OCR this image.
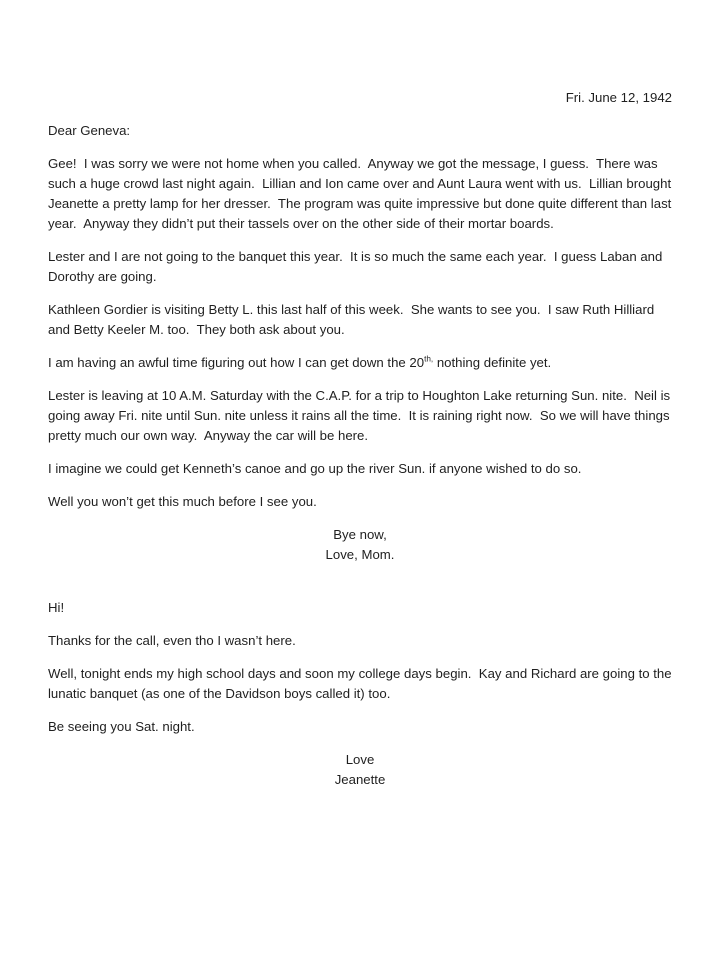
Fri. June 12, 1942

Dear Geneva:

Gee!  I was sorry we were not home when you called.  Anyway we got the message, I guess.  There was such a huge crowd last night again.  Lillian and Ion came over and Aunt Laura went with us.  Lillian brought Jeanette a pretty lamp for her dresser.  The program was quite impressive but done quite different than last year.  Anyway they didn’t put their tassels over on the other side of their mortar boards.

Lester and I are not going to the banquet this year.  It is so much the same each year.  I guess Laban and Dorothy are going.

Kathleen Gordier is visiting Betty L. this last half of this week.  She wants to see you.  I saw Ruth Hilliard and Betty Keeler M. too.  They both ask about you.

I am having an awful time figuring out how I can get down the $20^{th,}$ nothing definite yet.

Lester is leaving at 10 A.M. Saturday with the C.A.P. for a trip to Houghton Lake returning Sun. nite.  Neil is going away Fri. nite until Sun. nite unless it rains all the time.  It is raining right now.  So we will have things pretty much our own way.  Anyway the car will be here.

I imagine we could get Kenneth’s canoe and go up the river Sun. if anyone wished to do so.

Well you won’t get this much before I see you.

Bye now,
Love, Mom.

Hi!

Thanks for the call, even tho I wasn’t here.

Well, tonight ends my high school days and soon my college days begin.  Kay and Richard are going to the lunatic banquet (as one of the Davidson boys called it) too.

Be seeing you Sat. night.

Love
Jeanette
